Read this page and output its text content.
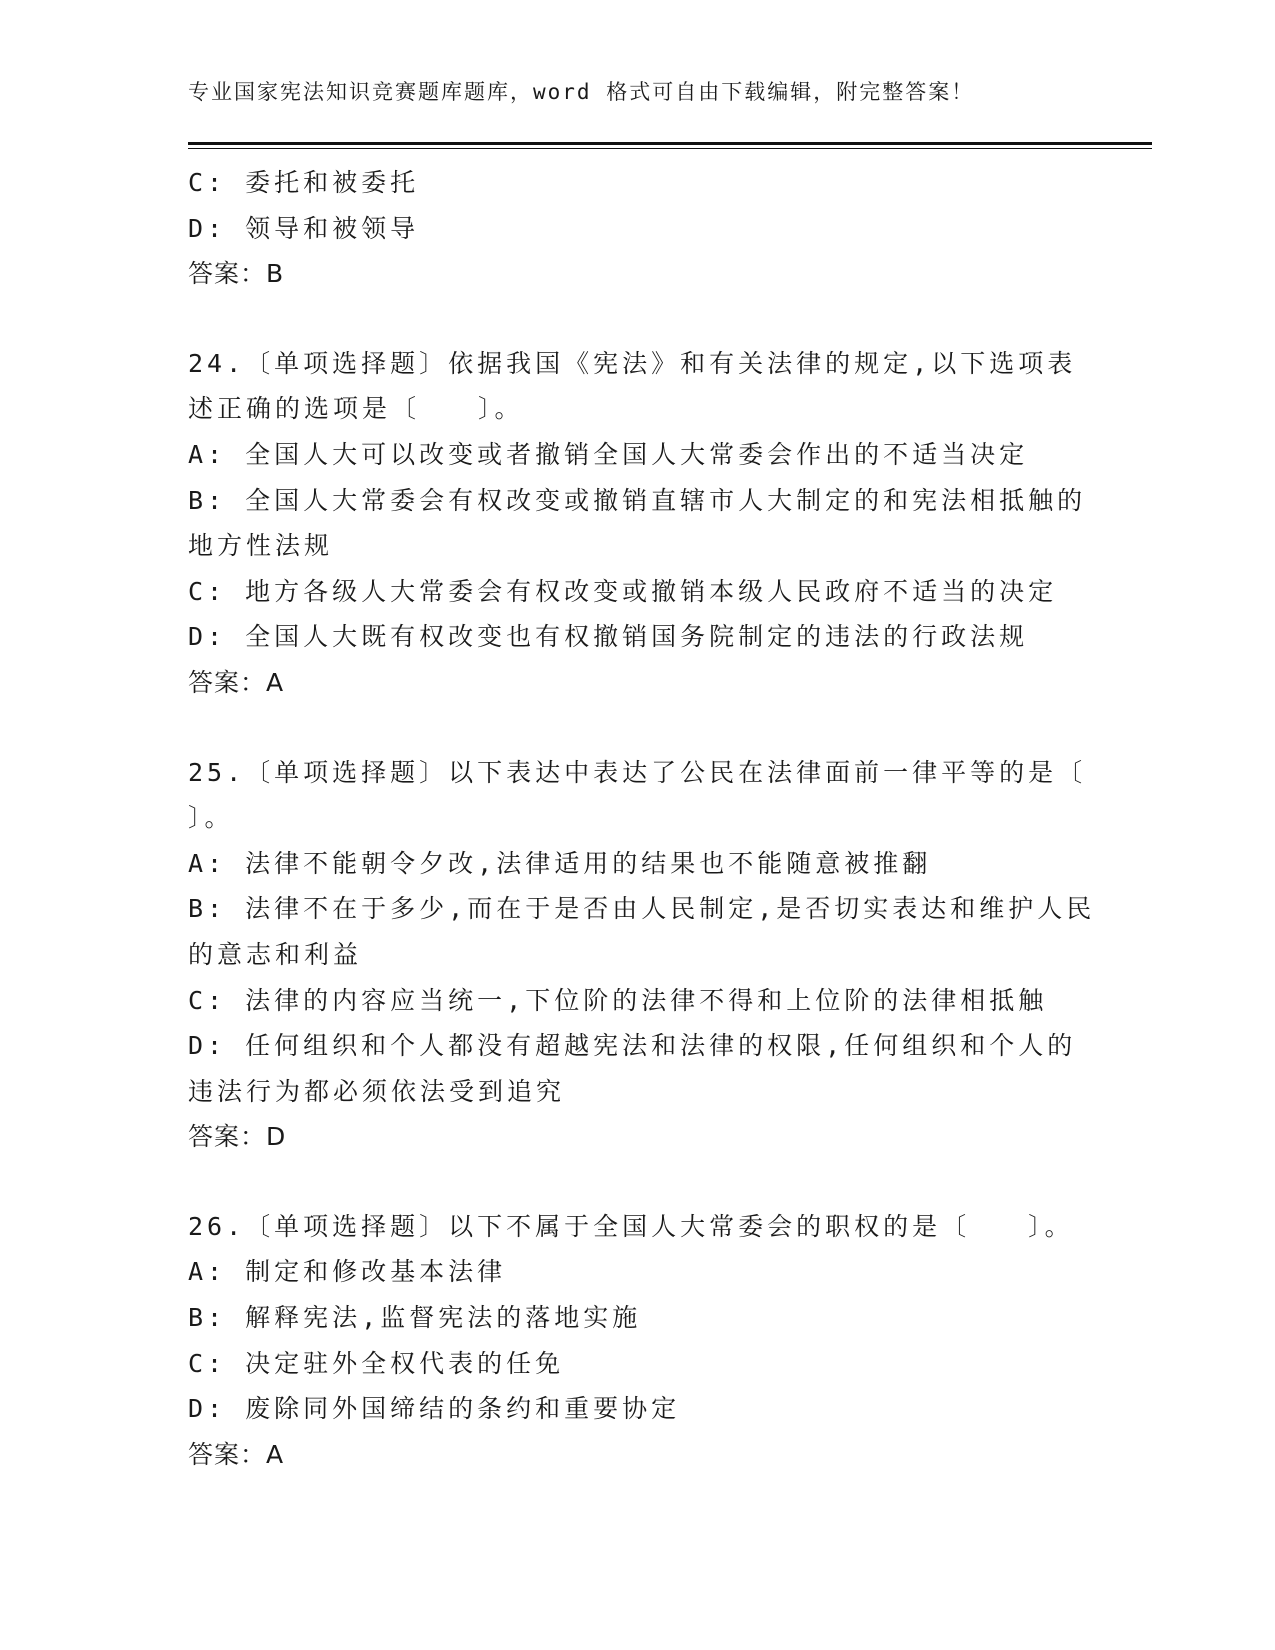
专业国家宪法知识竞赛题库题库，word 格式可自由下载编辑，附完整答案！
C: 委托和被委托
D: 领导和被领导
答案：B
24.〔单项选择题〕依据我国《宪法》和有关法律的规定,以下选项表
述正确的选项是〔　　〕。
A: 全国人大可以改变或者撤销全国人大常委会作出的不适当决定
B: 全国人大常委会有权改变或撤销直辖市人大制定的和宪法相抵触的
地方性法规
C: 地方各级人大常委会有权改变或撤销本级人民政府不适当的决定
D: 全国人大既有权改变也有权撤销国务院制定的违法的行政法规
答案：A
25.〔单项选择题〕以下表达中表达了公民在法律面前一律平等的是〔
〕。
A: 法律不能朝令夕改,法律适用的结果也不能随意被推翻
B: 法律不在于多少,而在于是否由人民制定,是否切实表达和维护人民
的意志和利益
C: 法律的内容应当统一,下位阶的法律不得和上位阶的法律相抵触
D: 任何组织和个人都没有超越宪法和法律的权限,任何组织和个人的
违法行为都必须依法受到追究
答案：D
26.〔单项选择题〕以下不属于全国人大常委会的职权的是〔　　〕。
A: 制定和修改基本法律
B: 解释宪法,监督宪法的落地实施
C: 决定驻外全权代表的任免
D: 废除同外国缔结的条约和重要协定
答案：A
